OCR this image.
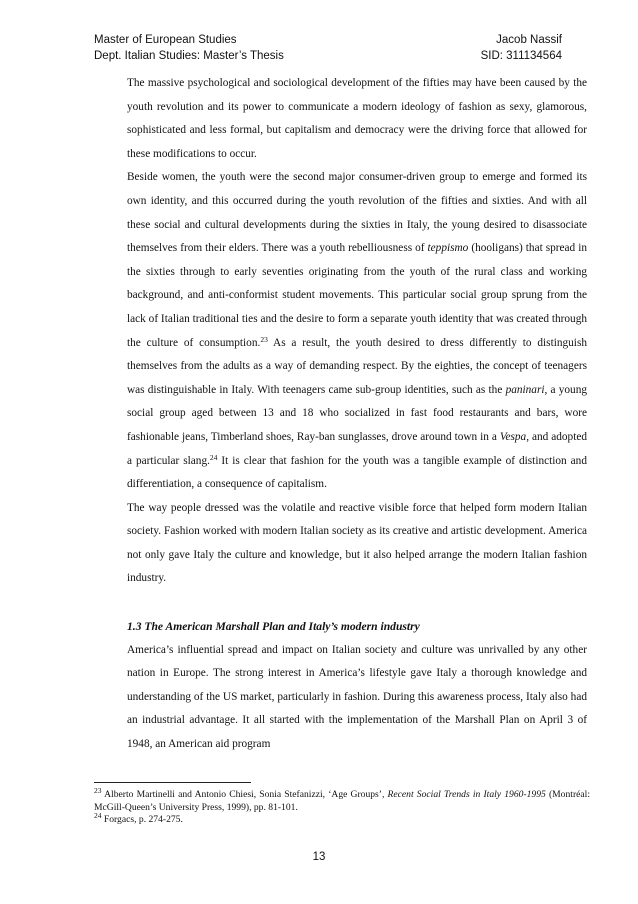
Master of European Studies	Jacob Nassif
Dept. Italian Studies: Master’s Thesis	SID: 311134564

The massive psychological and sociological development of the fifties may have been caused by the youth revolution and its power to communicate a modern ideology of fashion as sexy, glamorous, sophisticated and less formal, but capitalism and democracy were the driving force that allowed for these modifications to occur.

Beside women, the youth were the second major consumer-driven group to emerge and formed its own identity, and this occurred during the youth revolution of the fifties and sixties. And with all these social and cultural developments during the sixties in Italy, the young desired to disassociate themselves from their elders. There was a youth rebelliousness of teppismo (hooligans) that spread in the sixties through to early seventies originating from the youth of the rural class and working background, and anti-conformist student movements. This particular social group sprung from the lack of Italian traditional ties and the desire to form a separate youth identity that was created through the culture of consumption.$^{23}$ As a result, the youth desired to dress differently to distinguish themselves from the adults as a way of demanding respect. By the eighties, the concept of teenagers was distinguishable in Italy. With teenagers came sub-group identities, such as the paninari, a young social group aged between 13 and 18 who socialized in fast food restaurants and bars, wore fashionable jeans, Timberland shoes, Ray-ban sunglasses, drove around town in a Vespa, and adopted a particular slang.$^{24}$ It is clear that fashion for the youth was a tangible example of distinction and differentiation, a consequence of capitalism.

The way people dressed was the volatile and reactive visible force that helped form modern Italian society. Fashion worked with modern Italian society as its creative and artistic development. America not only gave Italy the culture and knowledge, but it also helped arrange the modern Italian fashion industry.

1.3 The American Marshall Plan and Italy’s modern industry

America’s influential spread and impact on Italian society and culture was unrivalled by any other nation in Europe. The strong interest in America’s lifestyle gave Italy a thorough knowledge and understanding of the US market, particularly in fashion. During this awareness process, Italy also had an industrial advantage. It all started with the implementation of the Marshall Plan on April 3 of 1948, an American aid program

$^{23}$ Alberto Martinelli and Antonio Chiesi, Sonia Stefanizzi, ‘Age Groups’, Recent Social Trends in Italy 1960-1995 (Montréal: McGill-Queen’s University Press, 1999), pp. 81-101.

$^{24}$ Forgacs, p. 274-275.

13
